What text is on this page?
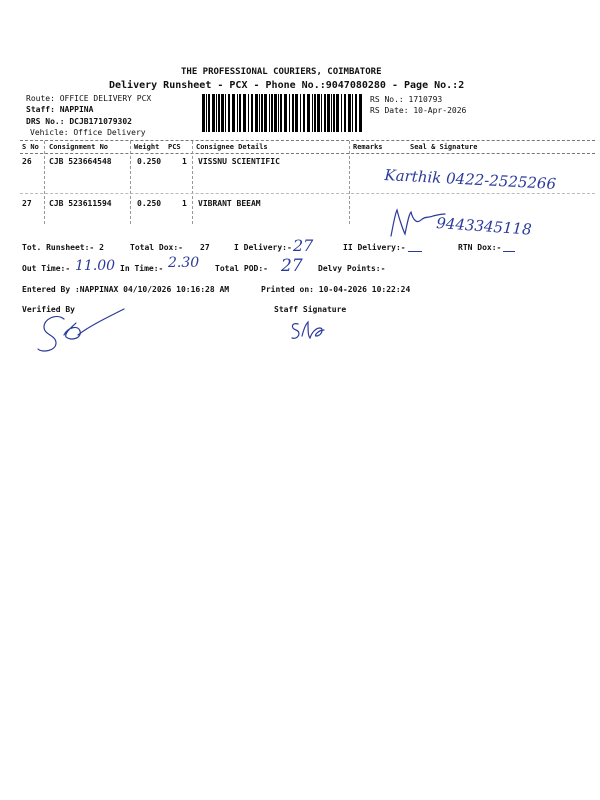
THE PROFESSIONAL COURIERS, COIMBATORE
Delivery Runsheet - PCX - Phone No.:9047080280 - Page No.:2
Route: OFFICE DELIVERY PCX
Staff: NAPPINA
DRS No.: DCJB171079302
Vehicle: Office Delivery
RS No.: 1710793
RS Date: 10-Apr-2026
S No Consignment No	Weight PCS Consignee Details	Remarks	Seal & Signature
26 CJB 523664548	0.250	1 VISSNU SCIENTIFIC
Karthik 0422-2525266
27 CJB 523611594	0.250	1 VIBRANT BEEAM
9443345118
Tot. Runsheet:- 2	Total Dox:- 27	I Delivery:- 27	II Delivery:-	RTN Dox:-
Out Time:- 11.00 In Time:- 2.30 Total POD:- 27 Delvy Points:-
Entered By :NAPPINAX 04/10/2026 10:16:28 AM	Printed on: 10-04-2026 10:22:24
Verified By	Staff Signature
